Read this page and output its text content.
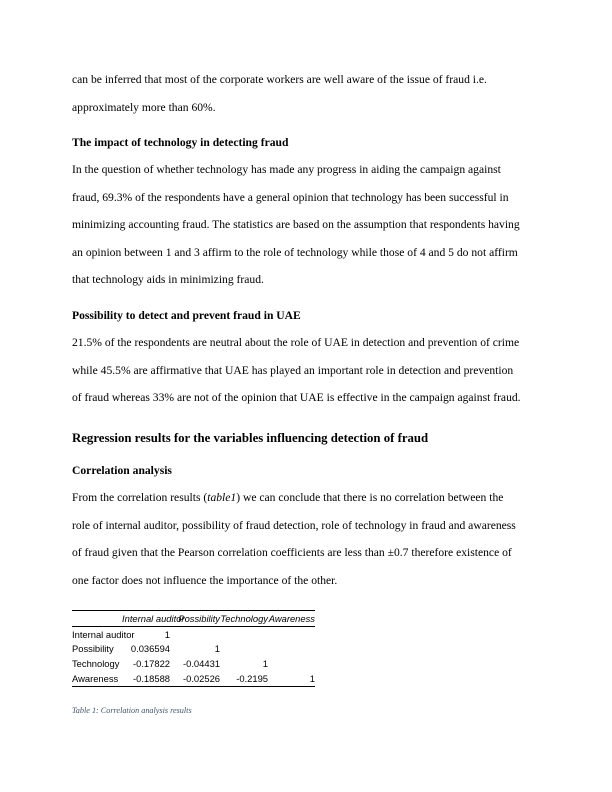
can be inferred that most of the corporate workers are well aware of the issue of fraud i.e.
approximately more than 60%.
The impact of technology in detecting fraud
In the question of whether technology has made any progress in aiding the campaign against
fraud, 69.3% of the respondents have a general opinion that technology has been successful in
minimizing accounting fraud. The statistics are based on the assumption that respondents having
an opinion between 1 and 3 affirm to the role of technology while those of 4 and 5 do not affirm
that technology aids in minimizing fraud.
Possibility to detect and prevent fraud in UAE
21.5% of the respondents are neutral about the role of UAE in detection and prevention of crime
while 45.5% are affirmative that UAE has played an important role in detection and prevention
of fraud whereas 33% are not of the opinion that UAE is effective in the campaign against fraud.
Regression results for the variables influencing detection of fraud
Correlation analysis
From the correlation results (table1) we can conclude that there is no correlation between the
role of internal auditor, possibility of fraud detection, role of technology in fraud and awareness
of fraud given that the Pearson correlation coefficients are less than ±0.7 therefore existence of
one factor does not influence the importance of the other.
	Internal auditor	Possibility	Technology	Awareness
Internal auditor	1			
Possibility	0.036594	1		
Technology	-0.17822	-0.04431	1	
Awareness	-0.18588	-0.02526	-0.2195	1
Table 1: Correlation analysis results
